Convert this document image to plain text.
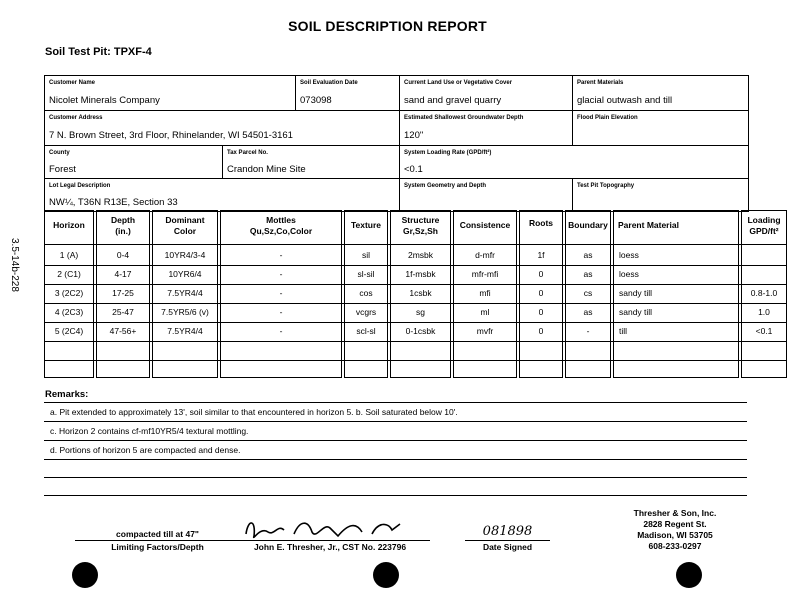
SOIL DESCRIPTION REPORT
Soil Test Pit: TPXF-4
3.5-14b-228
Customer Name
Nicolet Minerals Company
Soil Evaluation Date
073098
Current Land Use or Vegetative Cover
sand and gravel quarry
Parent Materials
glacial outwash and till
Customer Address
7 N. Brown Street, 3rd Floor, Rhinelander, WI 54501-3161
Estimated Shallowest Groundwater Depth
120"
Flood Plain Elevation
County
Forest
Tax Parcel No.
Crandon Mine Site
System Loading Rate (GPD/ft²)
<0.1
Lot Legal Description
NW¼, T36N R13E, Section 33
System Geometry and Depth	Test Pit Topography
Horizon	Depth
(in.)
Dominant
Color
Mottles
Qu,Sz,Co,Color
Texture	Structure
Gr,Sz,Sh
Consistence	Roots	Boundary	Parent Material	Loading
GPD/ft²
1 (A)	0-4	10YR4/3-4	-	sil	2msbk	d-mfr	1f	as	loess
2 (C1)	4-17	10YR6/4	-	sl-sil	1f-msbk	mfr-mfi	0	as	loess
3 (2C2)	17-25	7.5YR4/4	-	cos	1csbk	mfi	0	cs	sandy till	0.8-1.0
4 (2C3)	25-47	7.5YR5/6 (v)	-	vcgrs	sg	ml	0	as	sandy till	1.0
5 (2C4)	47-56+	7.5YR4/4	-	scl-sl	0-1csbk	mvfr	0	-	till	<0.1
Remarks:
a. Pit extended to approximately 13', soil similar to that encountered in horizon 5. b. Soil saturated below 10'.
c. Horizon 2 contains cf-mf10YR5/4 textural mottling.
d. Portions of horizon 5 are compacted and dense.
compacted till at 47"
Limiting Factors/Depth	John E. Thresher, Jr., CST No. 223796
081898
Date Signed
Thresher & Son, Inc.
2828 Regent St.
Madison, WI 53705
608-233-0297
